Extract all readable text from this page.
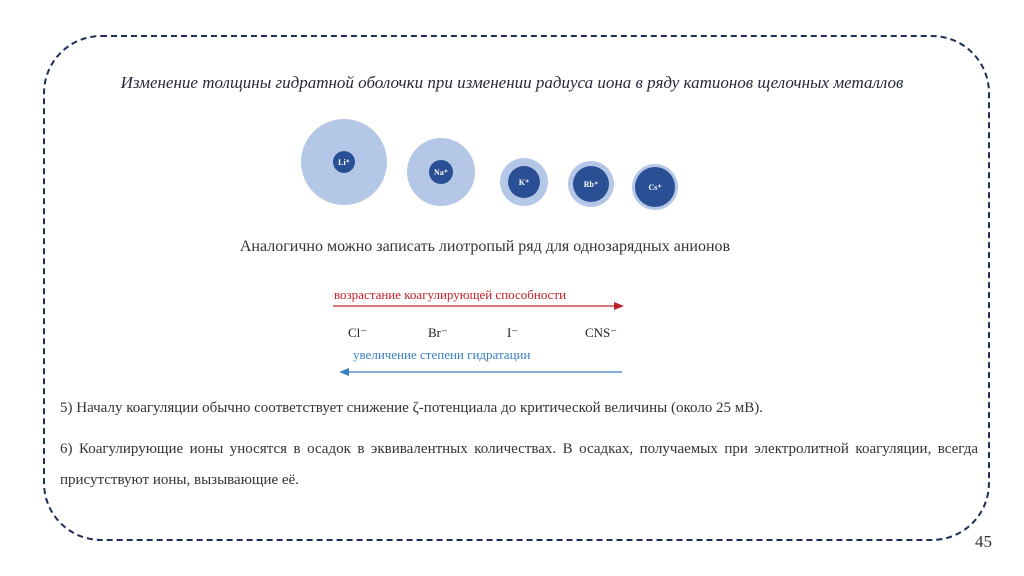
Изменение толщины гидратной оболочки при изменении радиуса иона в ряду катионов щелочных металлов
Li⁺
Na⁺
K⁺	Rb⁺	Cs⁺
Аналогично можно записать лиотропый ряд для однозарядных анионов
возрастание коагулирующей способности
Cl⁻	Br⁻	I⁻	CNS⁻
увеличение степени гидратации
5) Началу коагуляции обычно соответствует снижение ζ-потенциала до критической величины (около 25 мВ).
6) Коагулирующие ионы уносятся в осадок в эквивалентных количествах. В осадках, получаемых при электролитной коагуляции, всегда присутствуют ионы, вызывающие её.
45
